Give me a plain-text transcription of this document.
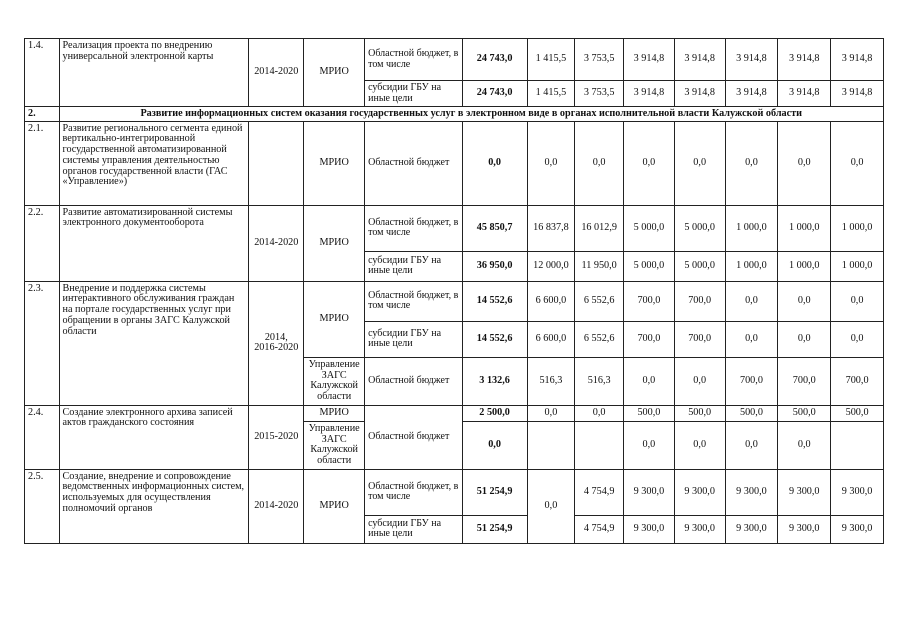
1.4.	Реализация проекта по внедрению универсальной электронной карты	2014-2020	МРИО	Областной бюджет, в том числе	24 743,0	1 415,5	3 753,5	3 914,8	3 914,8	3 914,8	3 914,8	3 914,8
				субсидии ГБУ на иные цели	24 743,0	1 415,5	3 753,5	3 914,8	3 914,8	3 914,8	3 914,8	3 914,8
2.	Развитие информационных систем оказания государственных услуг в электронном виде в органах исполнительной власти Калужской области											
2.1.	Развитие регионального сегмента единой вертикально-интегрированной государственной автоматизированной системы управления деятельностью органов государственной власти (ГАС «Управление»)		МРИО	Областной бюджет	0,0	0,0	0,0	0,0	0,0	0,0	0,0	0,0
2.2.	Развитие автоматизированной системы электронного документооборота	2014-2020	МРИО	Областной бюджет, в том числе	45 850,7	16 837,8	16 012,9	5 000,0	5 000,0	1 000,0	1 000,0	1 000,0
				субсидии ГБУ на иные цели	36 950,0	12 000,0	11 950,0	5 000,0	5 000,0	1 000,0	1 000,0	1 000,0
2.3.	Внедрение и поддержка системы интерактивного обслуживания граждан на портале государственных услуг при обращении в органы ЗАГС Калужской области	2014, 2016-2020	МРИО	Областной бюджет, в том числе	14 552,6	6 600,0	6 552,6	700,0	700,0	0,0	0,0	0,0
				субсидии ГБУ на иные цели	14 552,6	6 600,0	6 552,6	700,0	700,0	0,0	0,0	0,0
			Управление ЗАГС Калужской области	Областной бюджет	3 132,6	516,3	516,3	0,0	0,0	700,0	700,0	700,0
2.4.	Создание электронного архива записей актов гражданского состояния	2015-2020	МРИО	Областной бюджет	2 500,0	0,0	0,0	500,0	500,0	500,0	500,0	500,0
			Управление ЗАГС Калужской области		0,0			0,0	0,0	0,0	0,0	
2.5.	Создание, внедрение и сопровождение ведомственных информационных систем, используемых для осуществления полномочий органов	2014-2020	МРИО	Областной бюджет, в том числе	51 254,9	0,0	4 754,9	9 300,0	9 300,0	9 300,0	9 300,0	9 300,0
				субсидии ГБУ на иные цели	51 254,9		4 754,9	9 300,0	9 300,0	9 300,0	9 300,0	9 300,0
